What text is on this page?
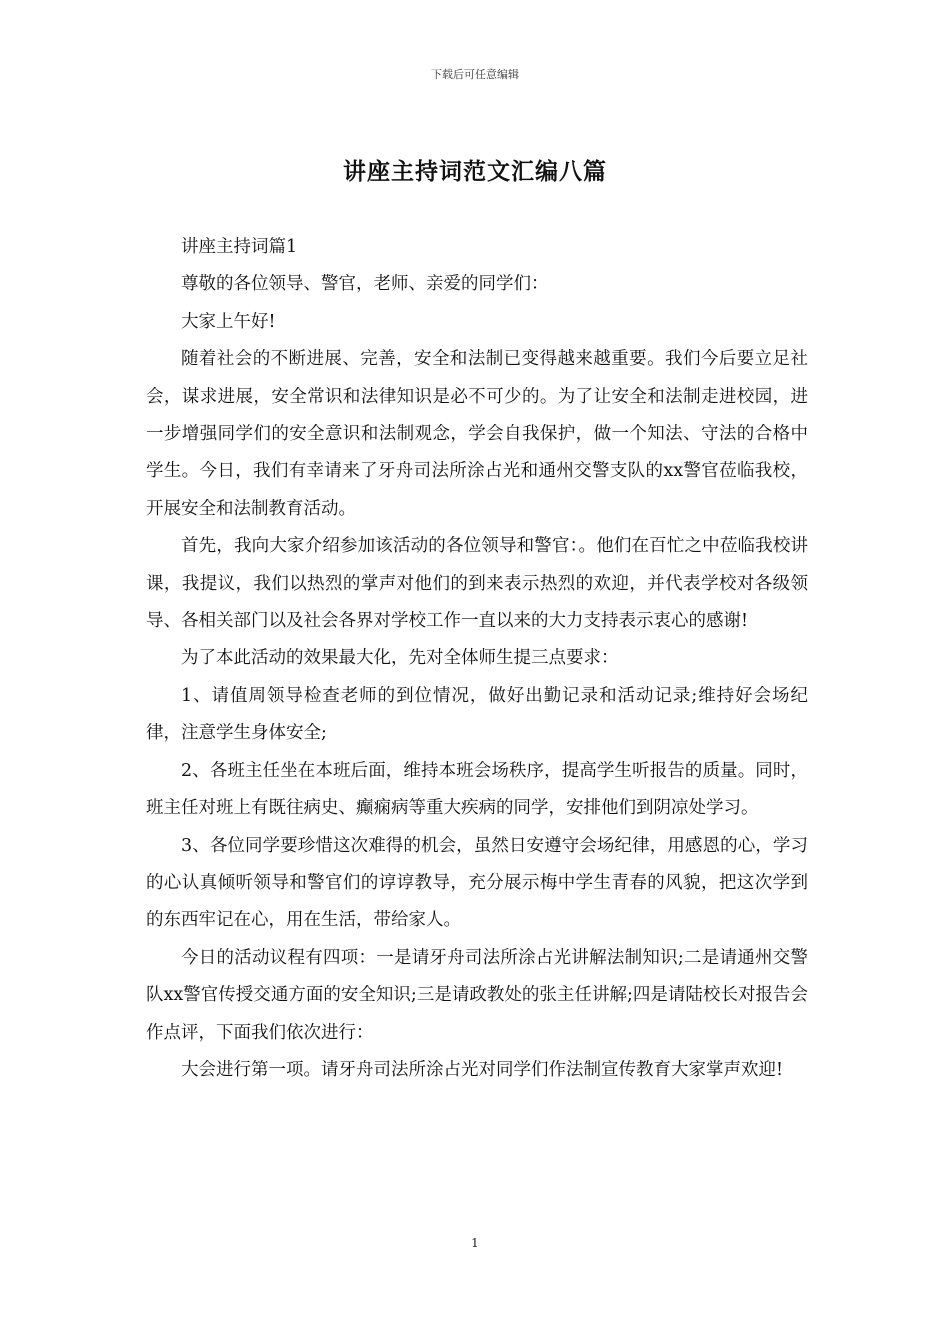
下载后可任意编辑
讲座主持词范文汇编八篇

讲座主持词篇1

尊敬的各位领导、警官，老师、亲爱的同学们：

大家上午好!

随着社会的不断进展、完善，安全和法制已变得越来越重要。我们今后要立足社会，谋求进展，安全常识和法律知识是必不可少的。为了让安全和法制走进校园，进一步增强同学们的安全意识和法制观念，学会自我保护，做一个知法、守法的合格中学生。今日，我们有幸请来了牙舟司法所涂占光和通州交警支队的xx警官莅临我校，开展安全和法制教育活动。

首先，我向大家介绍参加该活动的各位领导和警官：。他们在百忙之中莅临我校讲课，我提议，我们以热烈的掌声对他们的到来表示热烈的欢迎，并代表学校对各级领导、各相关部门以及社会各界对学校工作一直以来的大力支持表示衷心的感谢!

为了本此活动的效果最大化，先对全体师生提三点要求：

1、请值周领导检查老师的到位情况，做好出勤记录和活动记录;维持好会场纪律，注意学生身体安全;

2、各班主任坐在本班后面，维持本班会场秩序，提高学生听报告的质量。同时，班主任对班上有既往病史、癫痫病等重大疾病的同学，安排他们到阴凉处学习。

3、各位同学要珍惜这次难得的机会，虽然日安遵守会场纪律，用感恩的心，学习的心认真倾听领导和警官们的谆谆教导，充分展示梅中学生青春的风貌，把这次学到的东西牢记在心，用在生活，带给家人。

今日的活动议程有四项：一是请牙舟司法所涂占光讲解法制知识;二是请通州交警队xx警官传授交通方面的安全知识;三是请政教处的张主任讲解;四是请陆校长对报告会作点评，下面我们依次进行：

大会进行第一项。请牙舟司法所涂占光对同学们作法制宣传教育大家掌声欢迎!

1
